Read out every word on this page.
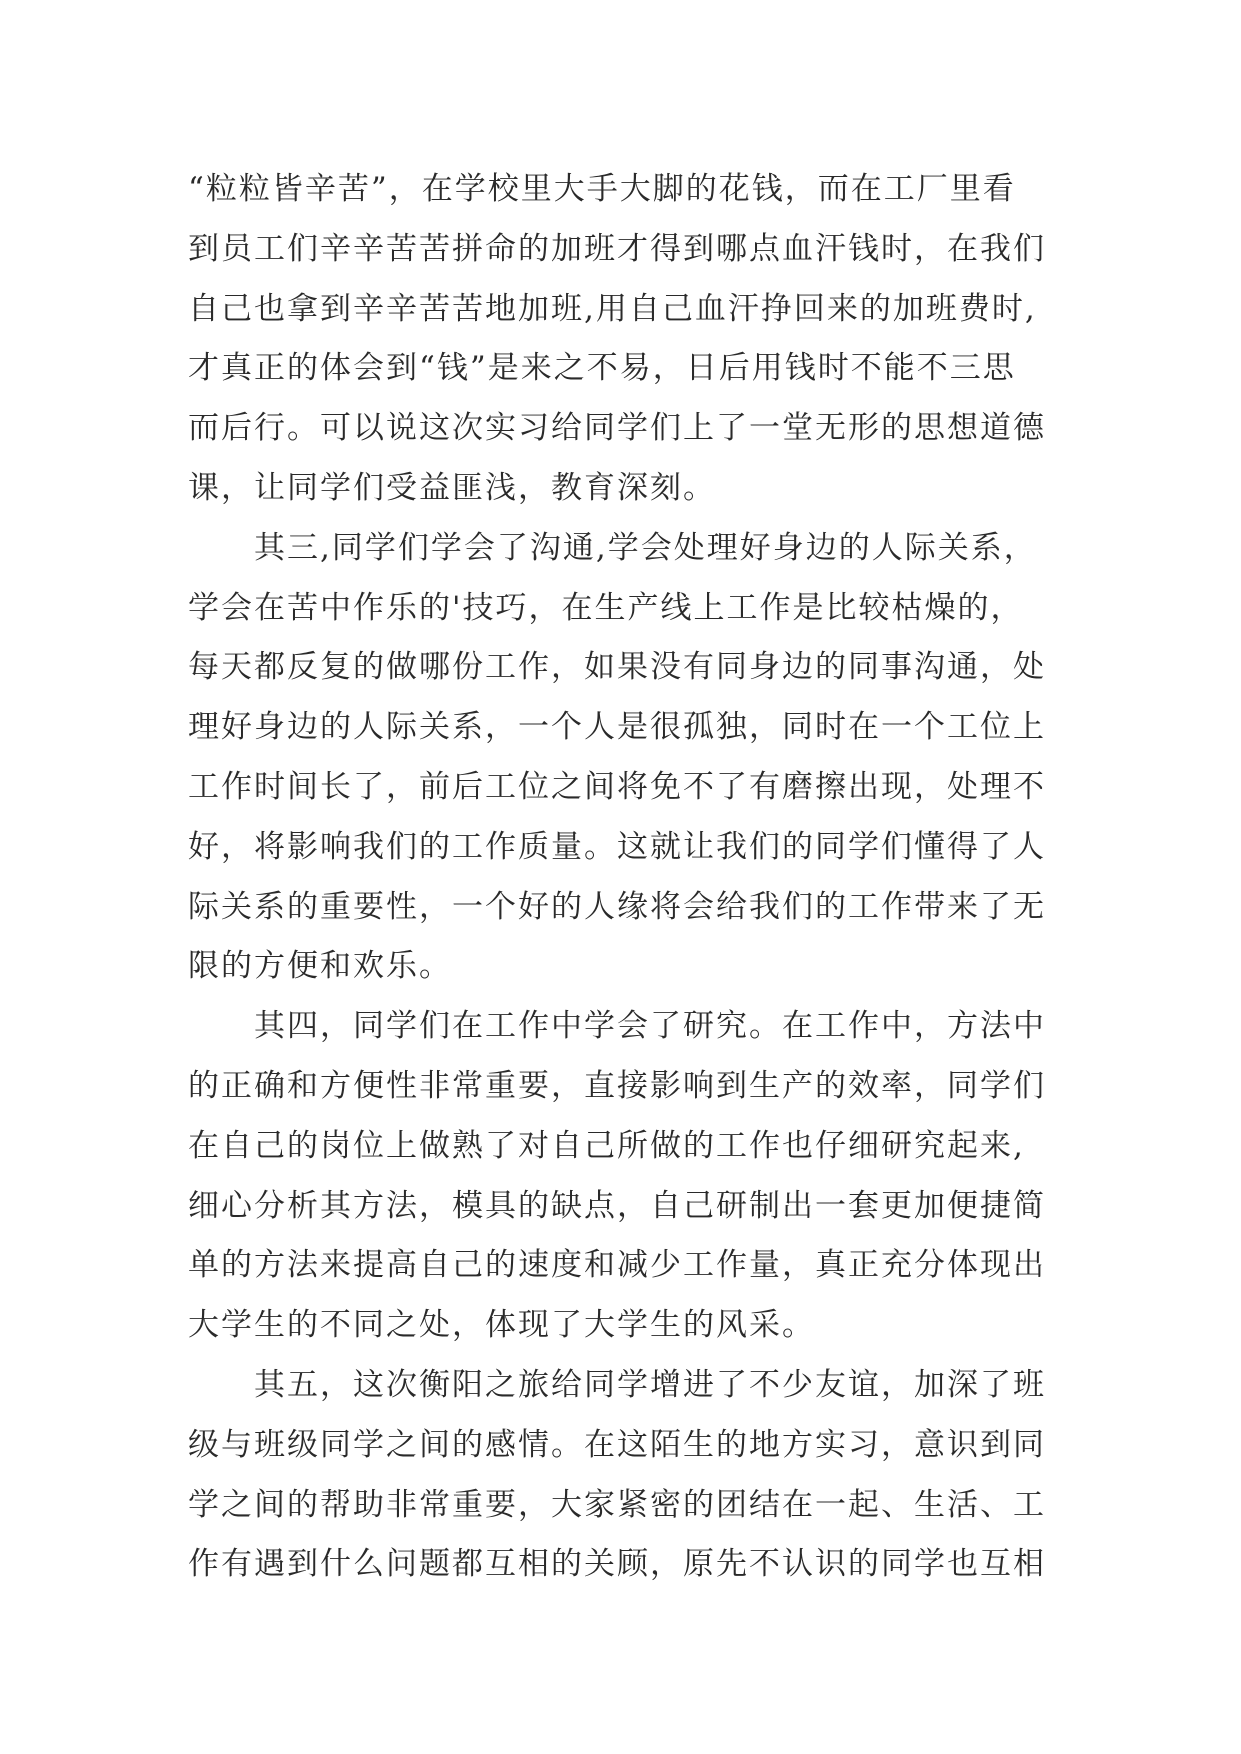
“粒粒皆辛苦”，在学校里大手大脚的花钱，而在工厂里看
到员工们辛辛苦苦拼命的加班才得到哪点血汗钱时，在我们
自己也拿到辛辛苦苦地加班,用自己血汗挣回来的加班费时,
才真正的体会到“钱”是来之不易，日后用钱时不能不三思
而后行。可以说这次实习给同学们上了一堂无形的思想道德
课，让同学们受益匪浅，教育深刻。
其三,同学们学会了沟通,学会处理好身边的人际关系，
学会在苦中作乐的'技巧，在生产线上工作是比较枯燥的，
每天都反复的做哪份工作，如果没有同身边的同事沟通，处
理好身边的人际关系，一个人是很孤独，同时在一个工位上
工作时间长了，前后工位之间将免不了有磨擦出现，处理不
好，将影响我们的工作质量。这就让我们的同学们懂得了人
际关系的重要性，一个好的人缘将会给我们的工作带来了无
限的方便和欢乐。
其四，同学们在工作中学会了研究。在工作中，方法中
的正确和方便性非常重要，直接影响到生产的效率，同学们
在自己的岗位上做熟了对自己所做的工作也仔细研究起来,
细心分析其方法，模具的缺点，自己研制出一套更加便捷简
单的方法来提高自己的速度和减少工作量，真正充分体现出
大学生的不同之处，体现了大学生的风采。
其五，这次衡阳之旅给同学增进了不少友谊，加深了班
级与班级同学之间的感情。在这陌生的地方实习，意识到同
学之间的帮助非常重要，大家紧密的团结在一起、生活、工
作有遇到什么问题都互相的关顾，原先不认识的同学也互相
